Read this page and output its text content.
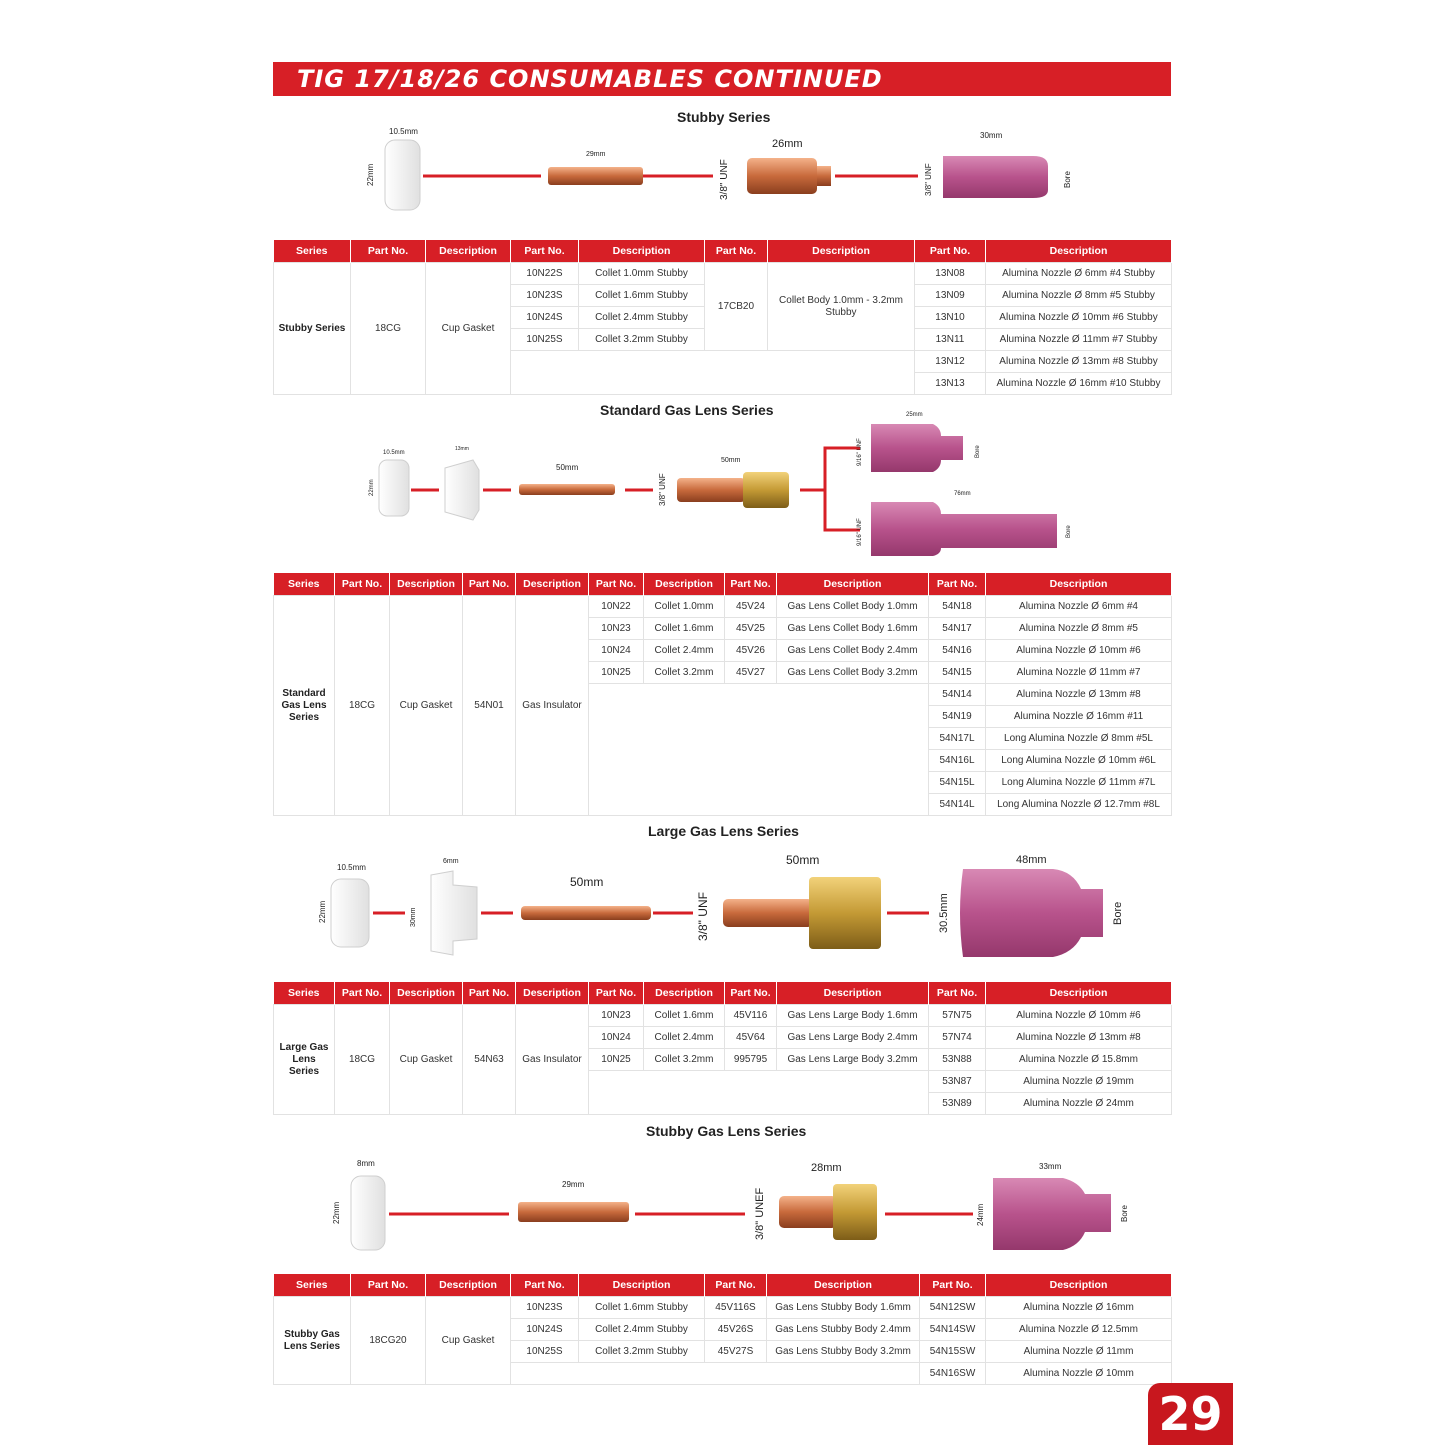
TIG 17/18/26 CONSUMABLES CONTINUED
Stubby Series
10.5mm
22mm
29mm
26mm
3/8" UNF
30mm
3/8" UNF	Bore
Series	Part No.	Description	Part No.	Description	Part No.	Description	Part No.	Description
Stubby Series	18CG	Cup Gasket	10N22S	Collet 1.0mm Stubby	17CB20	Collet Body 1.0mm - 3.2mm Stubby	13N08	Alumina Nozzle Ø 6mm #4 Stubby
			10N23S	Collet 1.6mm Stubby			13N09	Alumina Nozzle Ø 8mm #5 Stubby
			10N24S	Collet 2.4mm Stubby			13N10	Alumina Nozzle Ø 10mm #6 Stubby
			10N25S	Collet 3.2mm Stubby			13N11	Alumina Nozzle Ø 11mm #7 Stubby
							13N12	Alumina Nozzle Ø 13mm #8 Stubby
							13N13	Alumina Nozzle Ø 16mm #10 Stubby
Standard Gas Lens Series
10.5mm
22mm
13mm
50mm
50mm
3/8" UNF
25mm
9/16" UNF	Bore
76mm
9/16" UNF	Bore
Series	Part No.	Description	Part No.	Description	Part No.	Description	Part No.	Description	Part No.	Description
Standard Gas Lens Series	18CG	Cup Gasket	54N01	Gas Insulator	10N22	Collet 1.0mm	45V24	Gas Lens Collet Body 1.0mm	54N18	Alumina Nozzle Ø 6mm #4
					10N23	Collet 1.6mm	45V25	Gas Lens Collet Body 1.6mm	54N17	Alumina Nozzle Ø 8mm #5
					10N24	Collet 2.4mm	45V26	Gas Lens Collet Body 2.4mm	54N16	Alumina Nozzle Ø 10mm #6
					10N25	Collet 3.2mm	45V27	Gas Lens Collet Body 3.2mm	54N15	Alumina Nozzle Ø 11mm #7
									54N14	Alumina Nozzle Ø 13mm #8
									54N19	Alumina Nozzle Ø 16mm #11
									54N17L	Long Alumina Nozzle Ø 8mm #5L
									54N16L	Long Alumina Nozzle Ø 10mm #6L
									54N15L	Long Alumina Nozzle Ø 11mm #7L
									54N14L	Long Alumina Nozzle Ø 12.7mm #8L
Large Gas Lens Series
10.5mm
22mm
6mm
30mm
50mm
50mm
3/8" UNF
48mm
30.5mm	Bore
Series	Part No.	Description	Part No.	Description	Part No.	Description	Part No.	Description	Part No.	Description
Large Gas Lens Series	18CG	Cup Gasket	54N63	Gas Insulator	10N23	Collet 1.6mm	45V116	Gas Lens Large Body 1.6mm	57N75	Alumina Nozzle Ø 10mm #6
					10N24	Collet 2.4mm	45V64	Gas Lens Large Body 2.4mm	57N74	Alumina Nozzle Ø 13mm #8
					10N25	Collet 3.2mm	995795	Gas Lens Large Body 3.2mm	53N88	Alumina Nozzle Ø 15.8mm
									53N87	Alumina Nozzle Ø 19mm
									53N89	Alumina Nozzle Ø 24mm
Stubby Gas Lens Series
8mm
22mm
29mm
28mm
3/8" UNEF
33mm
24mm	Bore
Series	Part No.	Description	Part No.	Description	Part No.	Description	Part No.	Description
Stubby Gas Lens Series	18CG20	Cup Gasket	10N23S	Collet 1.6mm Stubby	45V116S	Gas Lens Stubby Body 1.6mm	54N12SW	Alumina Nozzle Ø 16mm
			10N24S	Collet 2.4mm Stubby	45V26S	Gas Lens Stubby Body 2.4mm	54N14SW	Alumina Nozzle Ø 12.5mm
			10N25S	Collet 3.2mm Stubby	45V27S	Gas Lens Stubby Body 3.2mm	54N15SW	Alumina Nozzle Ø 11mm
							54N16SW	Alumina Nozzle Ø 10mm
29
